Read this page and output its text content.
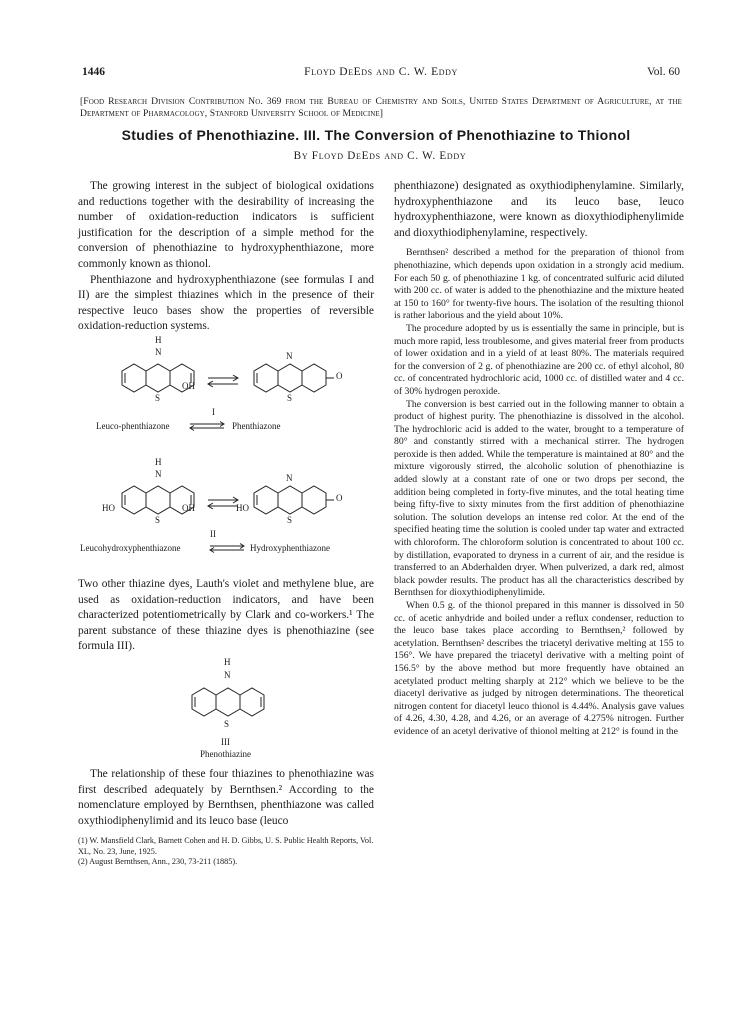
1446	Floyd DeEds and C. W. Eddy	Vol. 60
[Food Research Division Contribution No. 369 from the Bureau of Chemistry and Soils, United States Department of Agriculture, at the Department of Pharmacology, Stanford University School of Medicine]
Studies of Phenothiazine. III. The Conversion of Phenothiazine to Thionol
By Floyd DeEds and C. W. Eddy

The growing interest in the subject of biological oxidations and reductions together with the desirability of increasing the number of oxidation-reduction indicators is sufficient justification for the description of a simple method for the conversion of phenothiazine to hydroxyphenthiazone, more commonly known as thionol.

Phenthiazone and hydroxyphenthiazone (see formulas I and II) are the simplest thiazines which in the presence of their respective leuco bases show the properties of reversible oxidation-reduction systems.

H
N	N
S	S
OH
O
I
Leuco-phenthiazone	Phenthiazone
H
N	N
S	S
HO	OH	HO
O
II
Leucohydroxyphenthiazone	Hydroxyphenthiazone

Two other thiazine dyes, Lauth's violet and methylene blue, are used as oxidation-reduction indicators, and have been characterized potentiometrically by Clark and co-workers.¹ The parent substance of these thiazine dyes is phenothiazine (see formula III).

H
N
S
III
Phenothiazine

The relationship of these four thiazines to phenothiazine was first described adequately by Bernthsen.² According to the nomenclature employed by Bernthsen, phenthiazone was called oxythiodiphenylimid and its leuco base (leuco

(1) W. Mansfield Clark, Barnett Cohen and H. D. Gibbs, U. S. Public Health Reports, Vol. XL, No. 23, June, 1925.

(2) August Bernthsen, Ann., 230, 73-211 (1885).

phenthiazone) designated as oxythiodiphenylamine. Similarly, hydroxyphenthiazone and its leuco base, leuco hydroxyphenthiazone, were known as dioxythiodiphenylimide and dioxythiodiphenylamine, respectively.

Bernthsen² described a method for the preparation of thionol from phenothiazine, which depends upon oxidation in a strongly acid medium. For each 50 g. of phenothiazine 1 kg. of concentrated sulfuric acid diluted with 200 cc. of water is added to the phenothiazine and the mixture heated at 150 to 160° for twenty-five hours. The isolation of the resulting thionol is rather laborious and the yield about 10%.

The procedure adopted by us is essentially the same in principle, but is much more rapid, less troublesome, and gives material freer from products of lower oxidation and in a yield of at least 80%. The materials required for the conversion of 2 g. of phenothiazine are 200 cc. of ethyl alcohol, 80 cc. of concentrated hydrochloric acid, 1000 cc. of distilled water and 4 cc. of 30% hydrogen peroxide.

The conversion is best carried out in the following manner to obtain a product of highest purity. The phenothiazine is dissolved in the alcohol. The hydrochloric acid is added to the water, brought to a temperature of 80° and constantly stirred with a mechanical stirrer. The hydrogen peroxide is then added. While the temperature is maintained at 80° and the mixture vigorously stirred, the alcoholic solution of phenothiazine is added slowly at a constant rate of one or two drops per second, the addition being completed in forty-five minutes, and the total heating time being fifty-five to sixty minutes from the first addition of phenothiazine solution. The solution develops an intense red color. At the end of the specified heating time the solution is cooled under tap water and extracted with chloroform. The chloroform solution is concentrated to about 100 cc. by distillation, evaporated to dryness in a current of air, and the residue is transferred to an Abderhalden dryer. When pulverized, a dark red, almost black powder results. The product has all the characteristics described by Bernthsen for dioxythiodiphenylimide.

When 0.5 g. of the thionol prepared in this manner is dissolved in 50 cc. of acetic anhydride and boiled under a reflux condenser, reduction to the leuco base takes place according to Bernthsen,² followed by acetylation. Bernthsen² describes the triacetyl derivative melting at 155 to 156°. We have prepared the triacetyl derivative with a melting point of 156.5° by the above method but more frequently have obtained an acetylated product melting sharply at 212° which we believe to be the diacetyl derivative as judged by nitrogen determinations. The theoretical nitrogen content for diacetyl leuco thionol is 4.44%. Analysis gave values of 4.26, 4.30, 4.28, and 4.26, or an average of 4.275% nitrogen. Further evidence of an acetyl derivative of thionol melting at 212° is found in the
